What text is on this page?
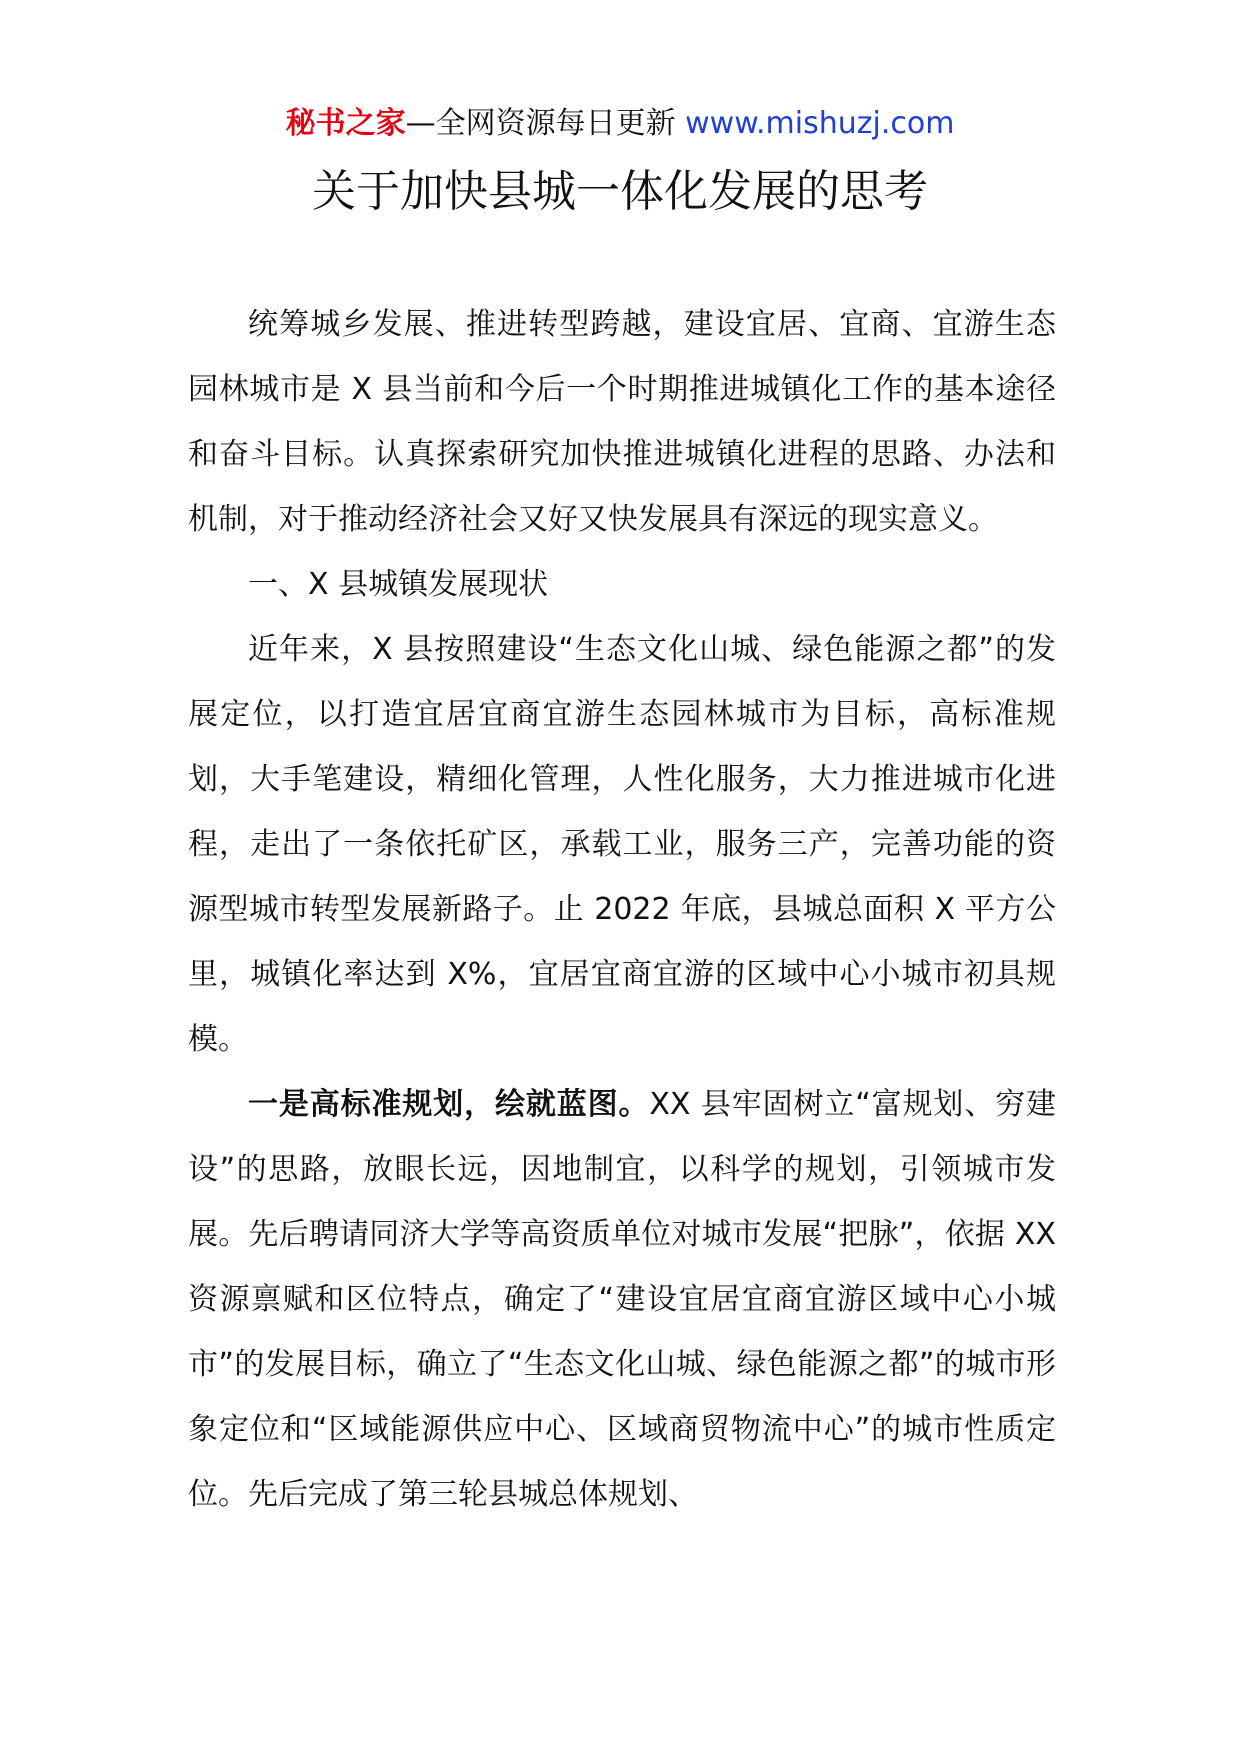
秘书之家—全网资源每日更新 www.mishuzj.com
关于加快县城一体化发展的思考

统筹城乡发展、推进转型跨越，建设宜居、宜商、宜游生态园林城市是 X 县当前和今后一个时期推进城镇化工作的基本途径和奋斗目标。认真探索研究加快推进城镇化进程的思路、办法和机制，对于推动经济社会又好又快发展具有深远的现实意义。

一、X 县城镇发展现状

近年来，X 县按照建设“生态文化山城、绿色能源之都”的发展定位，以打造宜居宜商宜游生态园林城市为目标，高标准规划，大手笔建设，精细化管理，人性化服务，大力推进城市化进程，走出了一条依托矿区，承载工业，服务三产，完善功能的资源型城市转型发展新路子。止 2022 年底，县城总面积 X 平方公里，城镇化率达到 X%，宜居宜商宜游的区域中心小城市初具规模。

一是高标准规划，绘就蓝图。XX 县牢固树立“富规划、穷建设”的思路，放眼长远，因地制宜，以科学的规划，引领城市发展。先后聘请同济大学等高资质单位对城市发展“把脉”，依据 XX 资源禀赋和区位特点，确定了“建设宜居宜商宜游区域中心小城市”的发展目标，确立了“生态文化山城、绿色能源之都”的城市形象定位和“区域能源供应中心、区域商贸物流中心”的城市性质定位。先后完成了第三轮县城总体规划、
